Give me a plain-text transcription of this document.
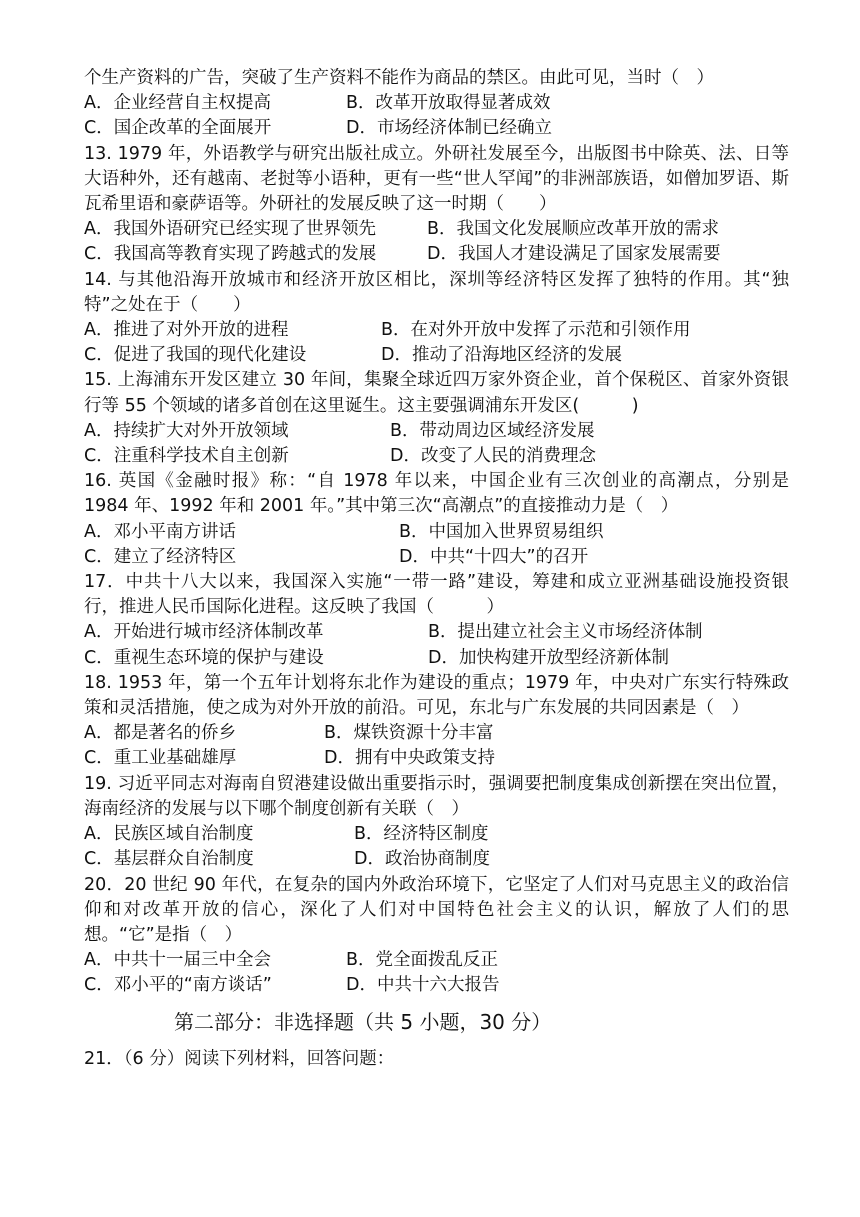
个生产资料的广告，突破了生产资料不能作为商品的禁区。由此可见，当时（　）
A．企业经营自主权提高	B．改革开放取得显著成效
C．国企改革的全面展开	D．市场经济体制已经确立
13. 1979 年，外语教学与研究出版社成立。外研社发展至今，出版图书中除英、法、日等大语种外，还有越南、老挝等小语种，更有一些“世人罕闻”的非洲部族语，如僧加罗语、斯瓦希里语和豪萨语等。外研社的发展反映了这一时期（　　）
A．我国外语研究已经实现了世界领先	B．我国文化发展顺应改革开放的需求
C．我国高等教育实现了跨越式的发展	D．我国人才建设满足了国家发展需要
14. 与其他沿海开放城市和经济开放区相比，深圳等经济特区发挥了独特的作用。其“独特”之处在于（　　）
A．推进了对外开放的进程	B．在对外开放中发挥了示范和引领作用
C．促进了我国的现代化建设	D．推动了沿海地区经济的发展
15. 上海浦东开发区建立 30 年间，集聚全球近四万家外资企业，首个保税区、首家外资银行等 55 个领域的诸多首创在这里诞生。这主要强调浦东开发区(　　　)
A．持续扩大对外开放领域	B．带动周边区域经济发展
C．注重科学技术自主创新	D．改变了人民的消费理念
16. 英国《金融时报》称：“自 1978 年以来，中国企业有三次创业的高潮点，分别是 1984 年、1992 年和 2001 年。”其中第三次“高潮点”的直接推动力是（　）
A．邓小平南方讲话	B．中国加入世界贸易组织
C．建立了经济特区	D．中共“十四大”的召开
17．中共十八大以来，我国深入实施“一带一路”建设，筹建和成立亚洲基础设施投资银行，推进人民币国际化进程。这反映了我国（　　　）
A．开始进行城市经济体制改革	B．提出建立社会主义市场经济体制
C．重视生态环境的保护与建设	D．加快构建开放型经济新体制
18. 1953 年，第一个五年计划将东北作为建设的重点；1979 年，中央对广东实行特殊政策和灵活措施，使之成为对外开放的前沿。可见，东北与广东发展的共同因素是（　）
A．都是著名的侨乡	B．煤铁资源十分丰富
C．重工业基础雄厚	D．拥有中央政策支持
19. 习近平同志对海南自贸港建设做出重要指示时，强调要把制度集成创新摆在突出位置，海南经济的发展与以下哪个制度创新有关联（　）
A．民族区域自治制度	B．经济特区制度
C．基层群众自治制度	D．政治协商制度
20．20 世纪 90 年代，在复杂的国内外政治环境下，它坚定了人们对马克思主义的政治信仰和对改革开放的信心，深化了人们对中国特色社会主义的认识，解放了人们的思想。“它”是指（　）
A．中共十一届三中全会	B．党全面拨乱反正
C．邓小平的“南方谈话”	D．中共十六大报告
第二部分：非选择题（共 5 小题，30 分）
21．（6 分）阅读下列材料，回答问题：
